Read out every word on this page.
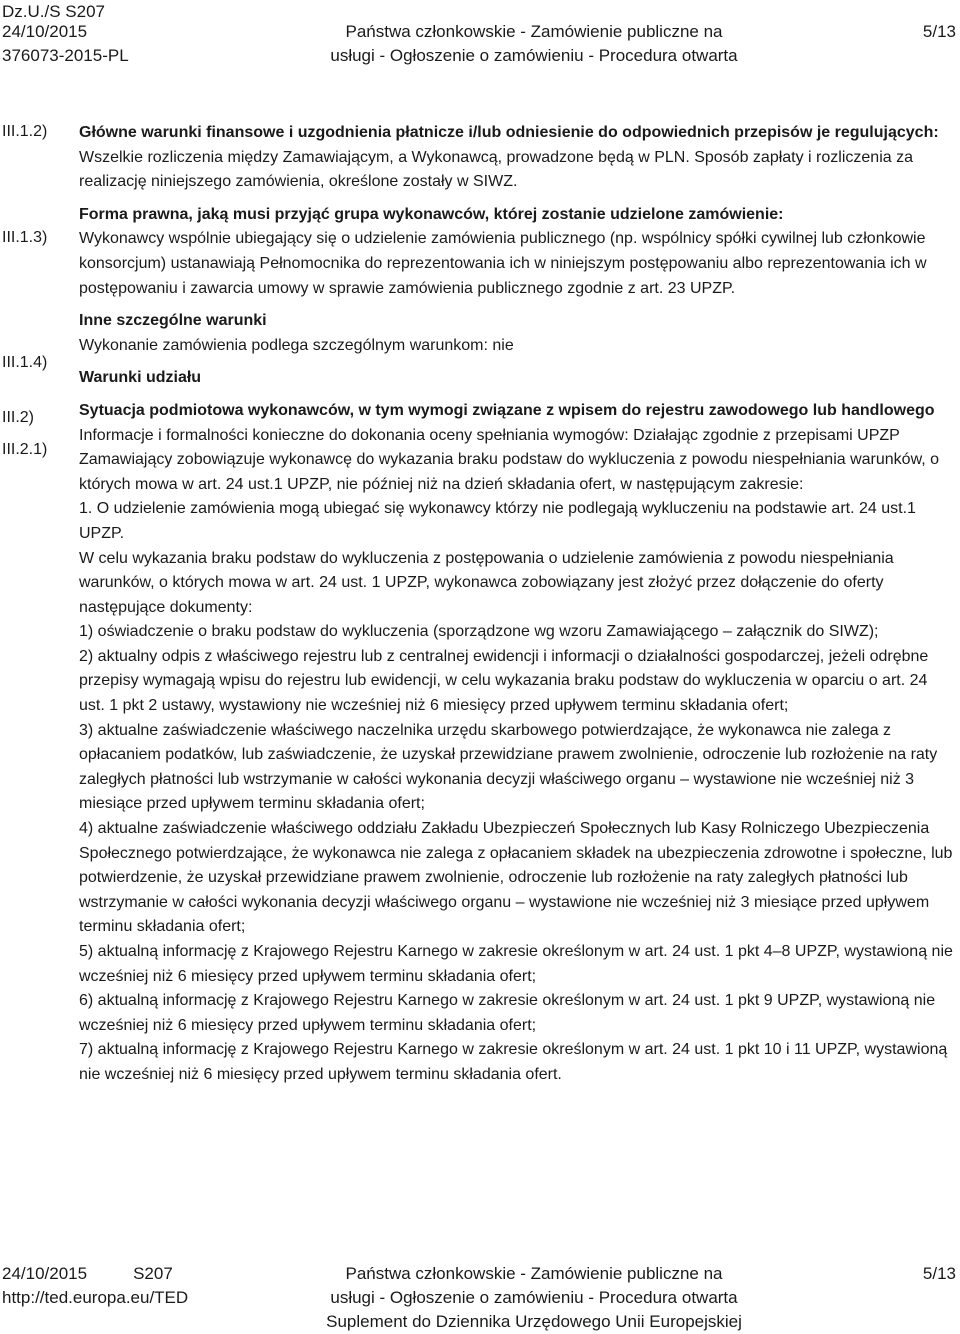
Dz.U./S S207
24/10/2015
376073-2015-PL
Państwa członkowskie - Zamówienie publiczne na
usługi - Ogłoszenie o zamówieniu - Procedura otwarta
5/13
III.1.2)
III.1.3)
III.1.4)
III.2)
III.2.1)

Główne warunki finansowe i uzgodnienia płatnicze i/lub odniesienie do odpowiednich przepisów je regulujących:

Wszelkie rozliczenia między Zamawiającym, a Wykonawcą, prowadzone będą w PLN. Sposób zapłaty i rozliczenia za realizację niniejszego zamówienia, określone zostały w SIWZ.

Forma prawna, jaką musi przyjąć grupa wykonawców, której zostanie udzielone zamówienie:

Wykonawcy wspólnie ubiegający się o udzielenie zamówienia publicznego (np. wspólnicy spółki cywilnej lub członkowie konsorcjum) ustanawiają Pełnomocnika do reprezentowania ich w niniejszym postępowaniu albo reprezentowania ich w postępowaniu i zawarcia umowy w sprawie zamówienia publicznego zgodnie z art. 23 UPZP.

Inne szczególne warunki

Wykonanie zamówienia podlega szczególnym warunkom: nie

Warunki udziału

Sytuacja podmiotowa wykonawców, w tym wymogi związane z wpisem do rejestru zawodowego lub handlowego

Informacje i formalności konieczne do dokonania oceny spełniania wymogów: Działając zgodnie z przepisami UPZP Zamawiający zobowiązuje wykonawcę do wykazania braku podstaw do wykluczenia z powodu niespełniania warunków, o których mowa w art. 24 ust.1 UPZP, nie później niż na dzień składania ofert, w następującym zakresie:

1. O udzielenie zamówienia mogą ubiegać się wykonawcy którzy nie podlegają wykluczeniu na podstawie art. 24 ust.1 UPZP.

W celu wykazania braku podstaw do wykluczenia z postępowania o udzielenie zamówienia z powodu niespełniania warunków, o których mowa w art. 24 ust. 1 UPZP, wykonawca zobowiązany jest złożyć przez dołączenie do oferty następujące dokumenty:

1) oświadczenie o braku podstaw do wykluczenia (sporządzone wg wzoru Zamawiającego – załącznik do SIWZ);

2) aktualny odpis z właściwego rejestru lub z centralnej ewidencji i informacji o działalności gospodarczej, jeżeli odrębne przepisy wymagają wpisu do rejestru lub ewidencji, w celu wykazania braku podstaw do wykluczenia w oparciu o art. 24 ust. 1 pkt 2 ustawy, wystawiony nie wcześniej niż 6 miesięcy przed upływem terminu składania ofert;

3) aktualne zaświadczenie właściwego naczelnika urzędu skarbowego potwierdzające, że wykonawca nie zalega z opłacaniem podatków, lub zaświadczenie, że uzyskał przewidziane prawem zwolnienie, odroczenie lub rozłożenie na raty zaległych płatności lub wstrzymanie w całości wykonania decyzji właściwego organu – wystawione nie wcześniej niż 3 miesiące przed upływem terminu składania ofert;

4) aktualne zaświadczenie właściwego oddziału Zakładu Ubezpieczeń Społecznych lub Kasy Rolniczego Ubezpieczenia Społecznego potwierdzające, że wykonawca nie zalega z opłacaniem składek na ubezpieczenia zdrowotne i społeczne, lub potwierdzenie, że uzyskał przewidziane prawem zwolnienie, odroczenie lub rozłożenie na raty zaległych płatności lub wstrzymanie w całości wykonania decyzji właściwego organu – wystawione nie wcześniej niż 3 miesiące przed upływem terminu składania ofert;

5) aktualną informację z Krajowego Rejestru Karnego w zakresie określonym w art. 24 ust. 1 pkt 4–8 UPZP, wystawioną nie wcześniej niż 6 miesięcy przed upływem terminu składania ofert;

6) aktualną informację z Krajowego Rejestru Karnego w zakresie określonym w art. 24 ust. 1 pkt 9 UPZP, wystawioną nie wcześniej niż 6 miesięcy przed upływem terminu składania ofert;

7) aktualną informację z Krajowego Rejestru Karnego w zakresie określonym w art. 24 ust. 1 pkt 10 i 11 UPZP, wystawioną nie wcześniej niż 6 miesięcy przed upływem terminu składania ofert.

24/10/2015	S207
http://ted.europa.eu/TED
Państwa członkowskie - Zamówienie publiczne na
usługi - Ogłoszenie o zamówieniu - Procedura otwarta
Suplement do Dziennika Urzędowego Unii Europejskiej
5/13
